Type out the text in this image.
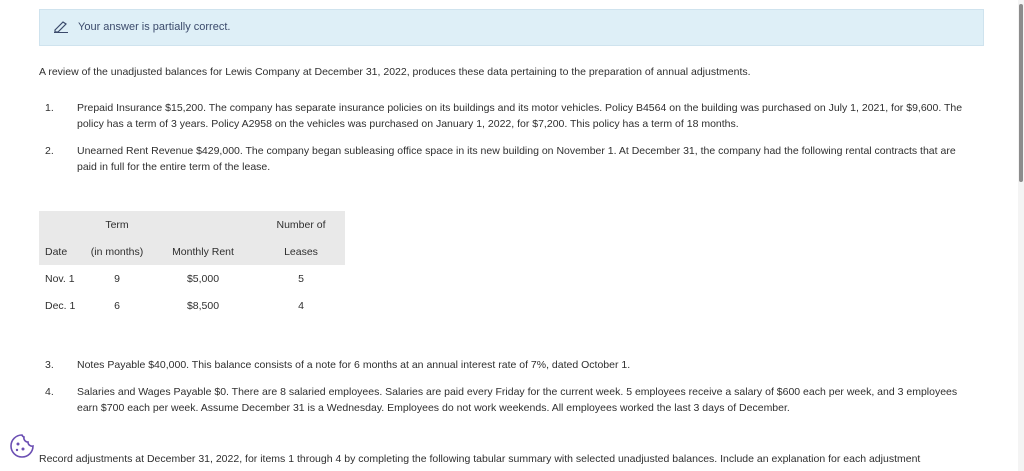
Your answer is partially correct.
A review of the unadjusted balances for Lewis Company at December 31, 2022, produces these data pertaining to the preparation of annual adjustments.
1. Prepaid Insurance $15,200. The company has separate insurance policies on its buildings and its motor vehicles. Policy B4564 on the building was purchased on July 1, 2021, for $9,600. The policy has a term of 3 years. Policy A2958 on the vehicles was purchased on January 1, 2022, for $7,200. This policy has a term of 18 months.
2. Unearned Rent Revenue $429,000. The company began subleasing office space in its new building on November 1. At December 31, the company had the following rental contracts that are paid in full for the entire term of the lease.
	Term		Number of
Date	(in months)	Monthly Rent	Leases
Nov. 1	9	$5,000	5
Dec. 1	6	$8,500	4
3. Notes Payable $40,000. This balance consists of a note for 6 months at an annual interest rate of 7%, dated October 1.
4. Salaries and Wages Payable $0. There are 8 salaried employees. Salaries are paid every Friday for the current week. 5 employees receive a salary of $600 each per week, and 3 employees earn $700 each per week. Assume December 31 is a Wednesday. Employees do not work weekends. All employees worked the last 3 days of December.
Record adjustments at December 31, 2022, for items 1 through 4 by completing the following tabular summary with selected unadjusted balances. Include an explanation for each adjustment
